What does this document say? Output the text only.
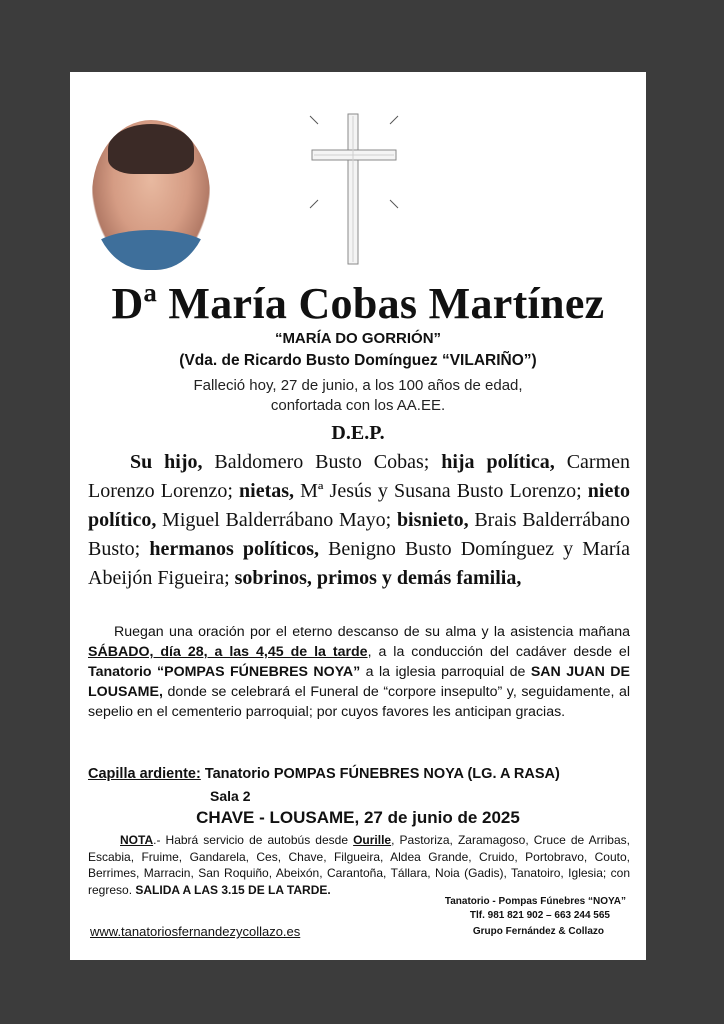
Dª María Cobas Martínez
“MARÍA DO GORRIÓN”
(Vda. de Ricardo Busto Domínguez “VILARIÑO”)
Falleció hoy, 27 de junio, a los 100 años de edad,
confortada con los AA.EE.
D.E.P.
Su hijo, Baldomero Busto Cobas; hija política, Carmen Lorenzo Lorenzo; nietas, Mª Jesús y Susana Busto Lorenzo; nieto político, Miguel Balderrábano Mayo; bisnieto, Brais Balderrábano Busto; hermanos políticos, Benigno Busto Domínguez y María Abeijón Figueira; sobrinos, primos y demás familia,
Ruegan una oración por el eterno descanso de su alma y la asistencia mañana SÁBADO, día 28, a las 4,45 de la tarde, a la conducción del cadáver desde el Tanatorio “POMPAS FÚNEBRES NOYA” a la iglesia parroquial de SAN JUAN DE LOUSAME, donde se celebrará el Funeral de “corpore insepulto” y, seguidamente, al sepelio en el cementerio parroquial; por cuyos favores les anticipan gracias.
Capilla ardiente: Tanatorio POMPAS FÚNEBRES NOYA (LG. A RASA)
Sala 2
CHAVE - LOUSAME, 27 de junio de 2025
NOTA.- Habrá servicio de autobús desde Ourille, Pastoriza, Zaramagoso, Cruce de Arribas, Escabia, Fruime, Gandarela, Ces, Chave, Filgueira, Aldea Grande, Cruido, Portobravo, Couto, Berrimes, Marracin, San Roquiño, Abeixón, Carantoña, Tállara, Noia (Gadis), Tanatoiro, Iglesia; con regreso. SALIDA A LAS 3.15 DE LA TARDE.
Tanatorio - Pompas Fúnebres “NOYA”
Tlf. 981 821 902 – 663 244 565
www.tanatoriosfernandezycollazo.es	Grupo Fernández & Collazo
